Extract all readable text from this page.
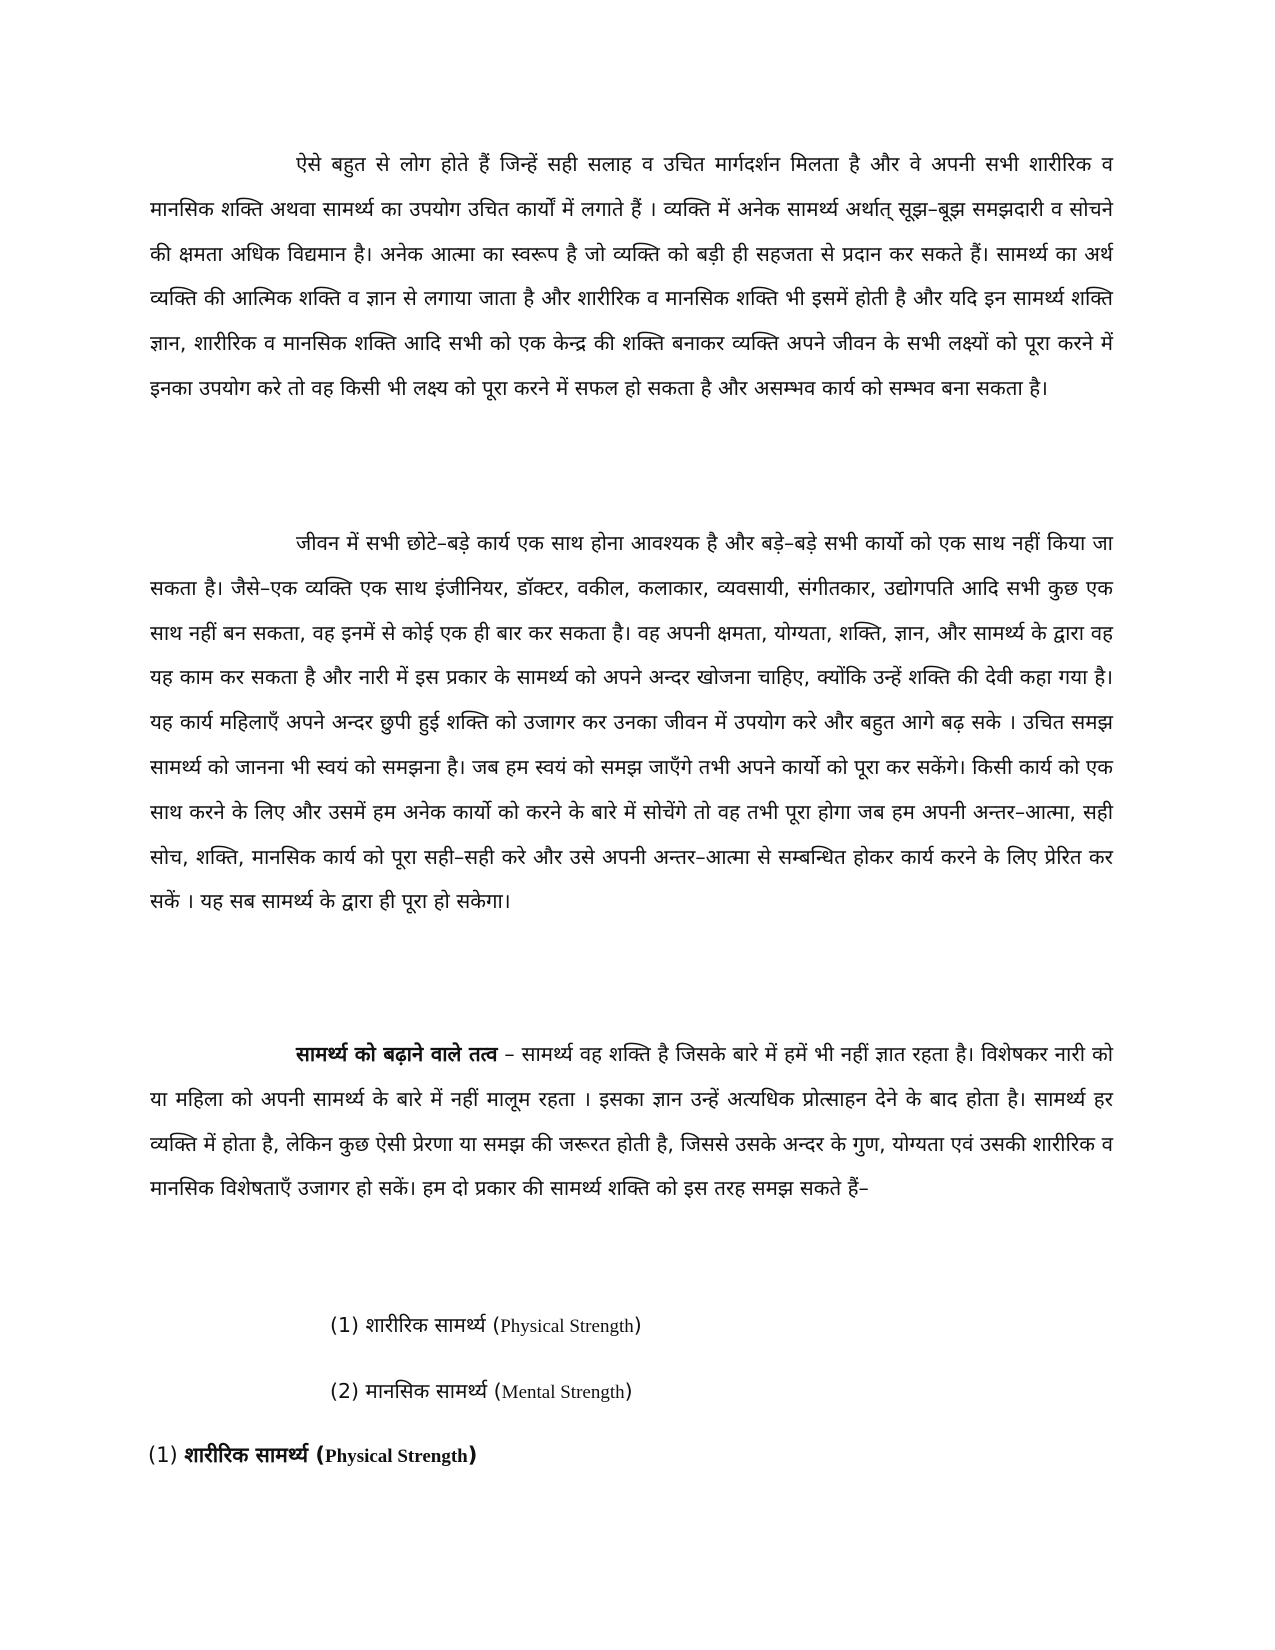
ऐसे बहुत से लोग होते हैं जिन्हें सही सलाह व उचित मार्गदर्शन मिलता है और वे अपनी सभी शारीरिक व मानसिक शक्ति अथवा सामर्थ्य का उपयोग उचित कार्यों में लगाते हैं । व्यक्ति में अनेक सामर्थ्य अर्थात् सूझ–बूझ समझदारी व सोचने की क्षमता अधिक विद्यमान है। अनेक आत्मा का स्वरूप है जो व्यक्ति को बड़ी ही सहजता से प्रदान कर सकते हैं। सामर्थ्य का अर्थ व्यक्ति की आत्मिक शक्ति व ज्ञान से लगाया जाता है और शारीरिक व मानसिक शक्ति भी इसमें होती है और यदि इन सामर्थ्य शक्ति ज्ञान, शारीरिक व मानसिक शक्ति आदि सभी को एक केन्द्र की शक्ति बनाकर व्यक्ति अपने जीवन के सभी लक्ष्यों को पूरा करने में इनका उपयोग करे तो वह किसी भी लक्ष्य को पूरा करने में सफल हो सकता है और असम्भव कार्य को सम्भव बना सकता है।

जीवन में सभी छोटे–बड़े कार्य एक साथ होना आवश्यक है और बड़े–बड़े सभी कार्यो को एक साथ नहीं किया जा सकता है। जैसे–एक व्यक्ति एक साथ इंजीनियर, डॉक्टर, वकील, कलाकार, व्यवसायी, संगीतकार, उद्योगपति आदि सभी कुछ एक साथ नहीं बन सकता, वह इनमें से कोई एक ही बार कर सकता है। वह अपनी क्षमता, योग्यता, शक्ति, ज्ञान, और सामर्थ्य के द्वारा वह यह काम कर सकता है और नारी में इस प्रकार के सामर्थ्य को अपने अन्दर खोजना चाहिए, क्योंकि उन्हें शक्ति की देवी कहा गया है। यह कार्य महिलाएँ अपने अन्दर छुपी हुई शक्ति को उजागर कर उनका जीवन में उपयोग करे और बहुत आगे बढ़ सके । उचित समझ सामर्थ्य को जानना भी स्वयं को समझना है। जब हम स्वयं को समझ जाएँगे तभी अपने कार्यो को पूरा कर सकेंगे। किसी कार्य को एक साथ करने के लिए और उसमें हम अनेक कार्यो को करने के बारे में सोचेंगे तो वह तभी पूरा होगा जब हम अपनी अन्तर–आत्मा, सही सोच, शक्ति, मानसिक कार्य को पूरा सही–सही करे और उसे अपनी अन्तर–आत्मा से सम्बन्धित होकर कार्य करने के लिए प्रेरित कर सकें । यह सब सामर्थ्य के द्वारा ही पूरा हो सकेगा।

सामर्थ्य को बढ़ाने वाले तत्व – सामर्थ्य वह शक्ति है जिसके बारे में हमें भी नहीं ज्ञात रहता है। विशेषकर नारी को या महिला को अपनी सामर्थ्य के बारे में नहीं मालूम रहता । इसका ज्ञान उन्हें अत्यधिक प्रोत्साहन देने के बाद होता है। सामर्थ्य हर व्यक्ति में होता है, लेकिन कुछ ऐसी प्रेरणा या समझ की जरूरत होती है, जिससे उसके अन्दर के गुण, योग्यता एवं उसकी शारीरिक व मानसिक विशेषताएँ उजागर हो सकें। हम दो प्रकार की सामर्थ्य शक्ति को इस तरह समझ सकते हैं–

(1) शारीरिक सामर्थ्य (Physical Strength)

(2) मानसिक सामर्थ्य (Mental Strength)

(1) शारीरिक सामर्थ्य (Physical Strength)
